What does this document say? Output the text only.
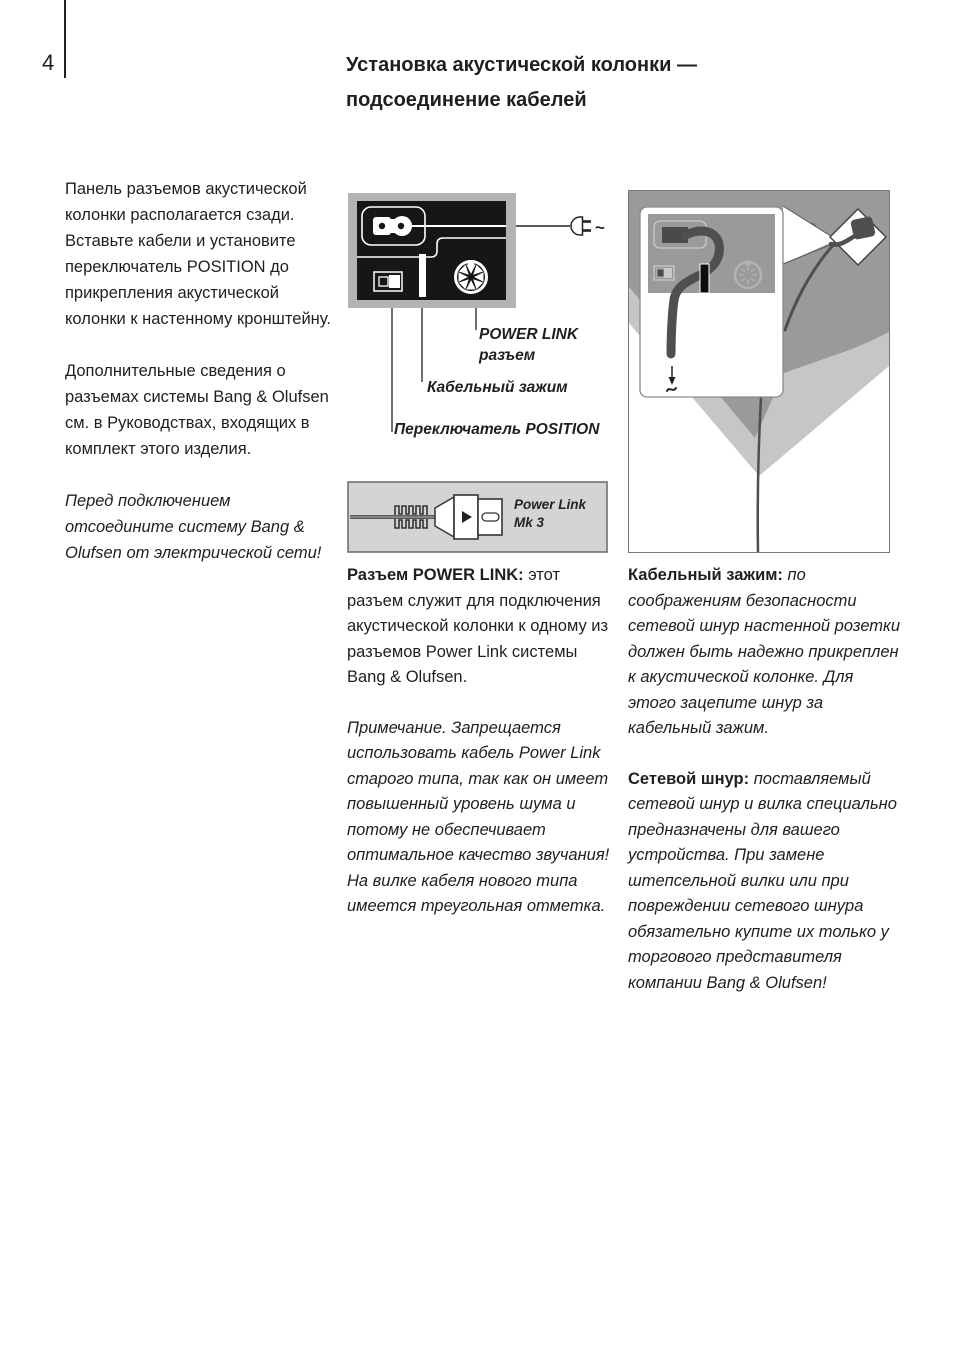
4	Установка акустической колонки —
подсоединение кабелей

Панель разъемов акустической колонки располагается сзади. Вставьте кабели и установите переключатель POSITION до прикрепления акустической колонки к настенному кронштейну.

Дополнительные сведения о разъемах системы Bang & Olufsen см. в Руководствах, входящих в комплект этого изделия.

Перед подключением отсоедините систему Bang & Olufsen от электрической сети!

~
POWER LINK
разъем
Кабельный зажим
Переключатель POSITION
Power Link
Mk 3

Разъем POWER LINK: этот разъем служит для подключения акустической колонки к одному из разъемов Power Link системы Bang & Olufsen.

Примечание. Запрещается использовать кабель Power Link старого типа, так как он имеет повышенный уровень шума и потому не обеспечивает оптимальное качество звучания! На вилке кабеля нового типа имеется треугольная отметка.

Кабельный зажим: по соображениям безопасности сетевой шнур настенной розетки должен быть надежно прикреплен к акустической колонке. Для этого зацепите шнур за кабельный зажим.

Сетевой шнур: поставляемый сетевой шнур и вилка специально предназначены для вашего устройства. При замене штепсельной вилки или при повреждении сетевого шнура обязательно купите их только у торгового представителя компании Bang & Olufsen!
